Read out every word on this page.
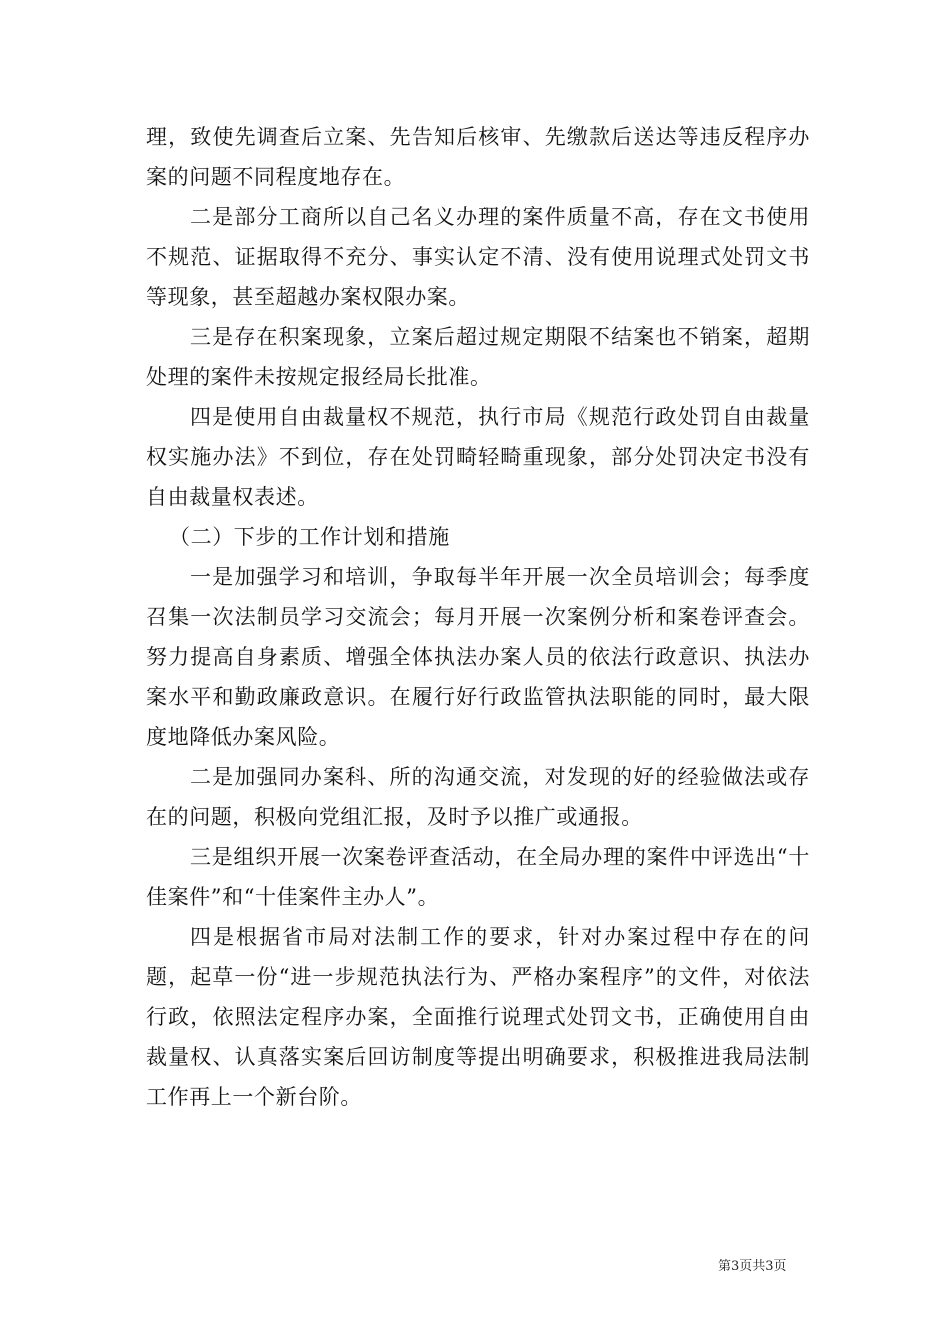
理，致使先调查后立案、先告知后核审、先缴款后送达等违反程序办案的问题不同程度地存在。

二是部分工商所以自己名义办理的案件质量不高，存在文书使用不规范、证据取得不充分、事实认定不清、没有使用说理式处罚文书等现象，甚至超越办案权限办案。

三是存在积案现象，立案后超过规定期限不结案也不销案，超期处理的案件未按规定报经局长批准。

四是使用自由裁量权不规范，执行市局《规范行政处罚自由裁量权实施办法》不到位，存在处罚畸轻畸重现象，部分处罚决定书没有自由裁量权表述。

（二）下步的工作计划和措施

一是加强学习和培训，争取每半年开展一次全员培训会；每季度召集一次法制员学习交流会；每月开展一次案例分析和案卷评查会。努力提高自身素质、增强全体执法办案人员的依法行政意识、执法办案水平和勤政廉政意识。在履行好行政监管执法职能的同时，最大限度地降低办案风险。

二是加强同办案科、所的沟通交流，对发现的好的经验做法或存在的问题，积极向党组汇报，及时予以推广或通报。

三是组织开展一次案卷评查活动，在全局办理的案件中评选出“十佳案件”和“十佳案件主办人”。

四是根据省市局对法制工作的要求，针对办案过程中存在的问题，起草一份“进一步规范执法行为、严格办案程序”的文件，对依法行政，依照法定程序办案，全面推行说理式处罚文书，正确使用自由裁量权、认真落实案后回访制度等提出明确要求，积极推进我局法制工作再上一个新台阶。

第3页共3页
